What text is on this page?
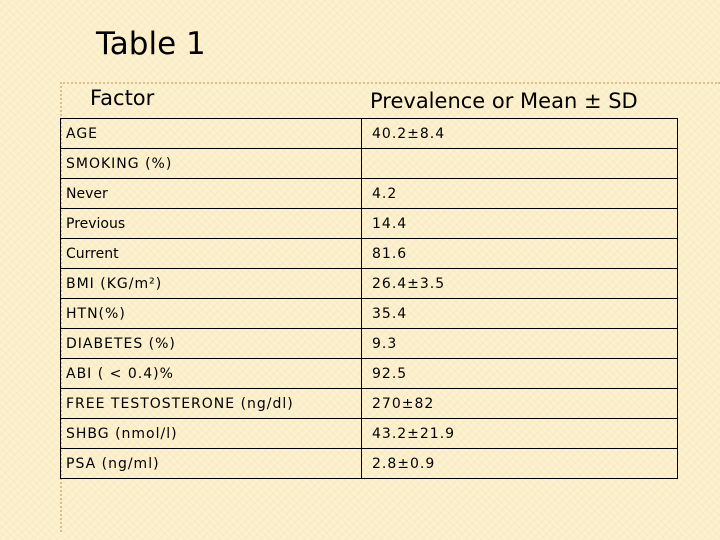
Table 1
Factor	Prevalence or Mean ± SD
AGE	40.2±8.4
SMOKING (%)	
Never	4.2
Previous	14.4
Current	81.6
BMI (KG/m²)	26.4±3.5
HTN(%)	35.4
DIABETES (%)	9.3
ABI ( < 0.4)%	92.5
FREE TESTOSTERONE (ng/dl)	270±82
SHBG (nmol/l)	43.2±21.9
PSA (ng/ml)	2.8±0.9
